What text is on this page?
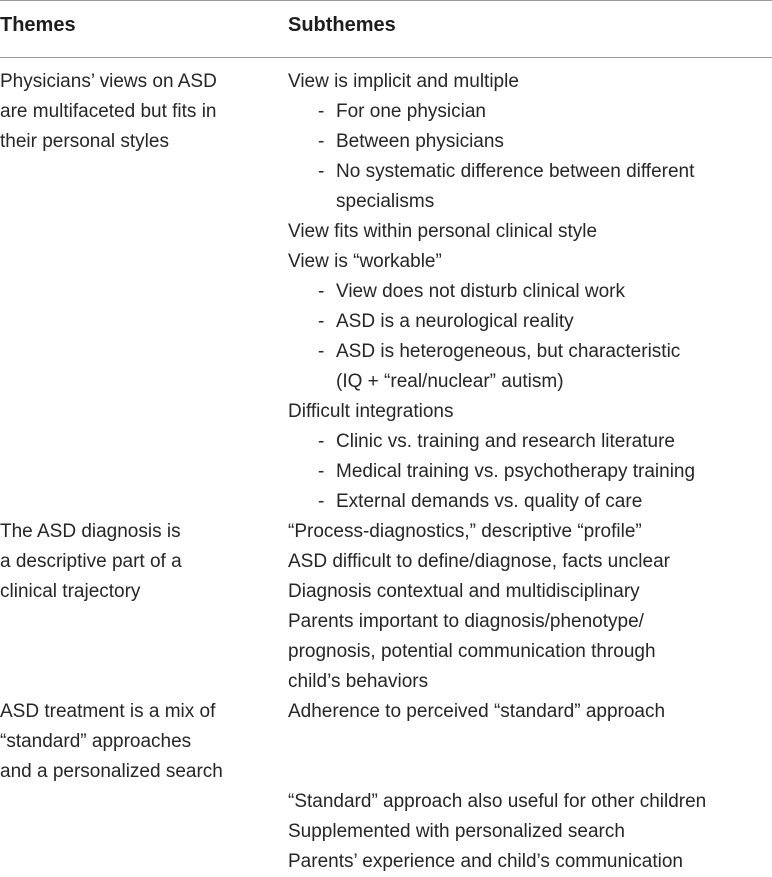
Themes	Subthemes
Physicians’ views on ASD
are multifaceted but fits in
their personal styles
View is implicit and multiple
- For one physician
- Between physicians
- No systematic difference between different
specialisms
View fits within personal clinical style
View is “workable”
- View does not disturb clinical work
- ASD is a neurological reality
- ASD is heterogeneous, but characteristic
(IQ + “real/nuclear” autism)
Difficult integrations
- Clinic vs. training and research literature
- Medical training vs. psychotherapy training
- External demands vs. quality of care
The ASD diagnosis is
a descriptive part of a
clinical trajectory
“Process-diagnostics,” descriptive “profile”
ASD difficult to define/diagnose, facts unclear
Diagnosis contextual and multidisciplinary
Parents important to diagnosis/phenotype/
prognosis, potential communication through
child’s behaviors
ASD treatment is a mix of
“standard” approaches
and a personalized search
Adherence to perceived “standard” approach
“Standard” approach also useful for other children
Supplemented with personalized search
Parents’ experience and child’s communication
